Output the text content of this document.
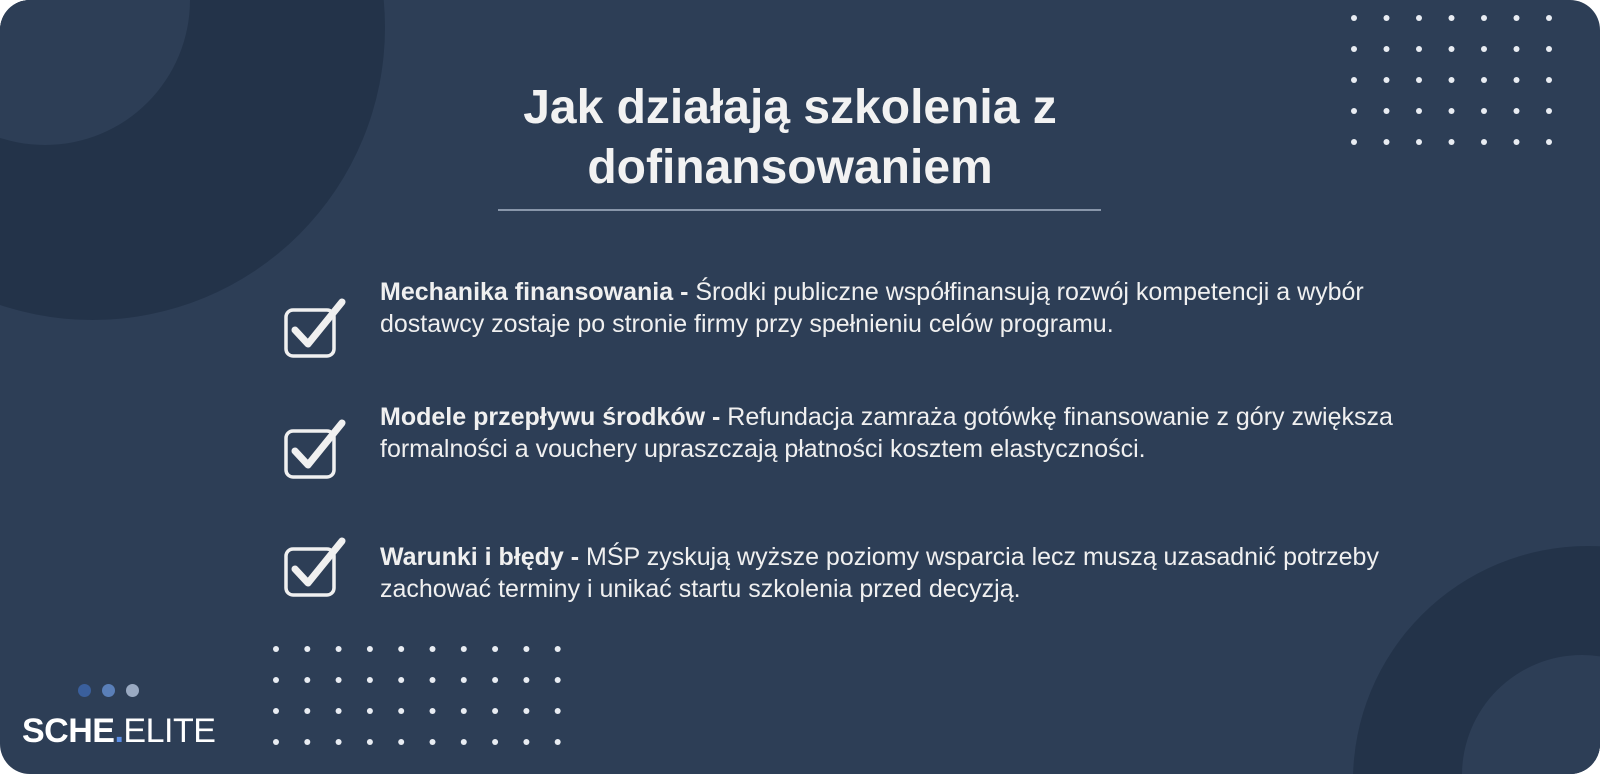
Jak działają szkolenia z dofinansowaniem

Mechanika finansowania - Środki publiczne współfinansują rozwój kompetencji a wybór dostawcy zostaje po stronie firmy przy spełnieniu celów programu.

Modele przepływu środków - Refundacja zamraża gotówkę finansowanie z góry zwiększa formalności a vouchery upraszczają płatności kosztem elastyczności.

Warunki i błędy - MŚP zyskują wyższe poziomy wsparcia lecz muszą uzasadnić potrzeby zachować terminy i unikać startu szkolenia przed decyzją.

SCHE.ELITE
